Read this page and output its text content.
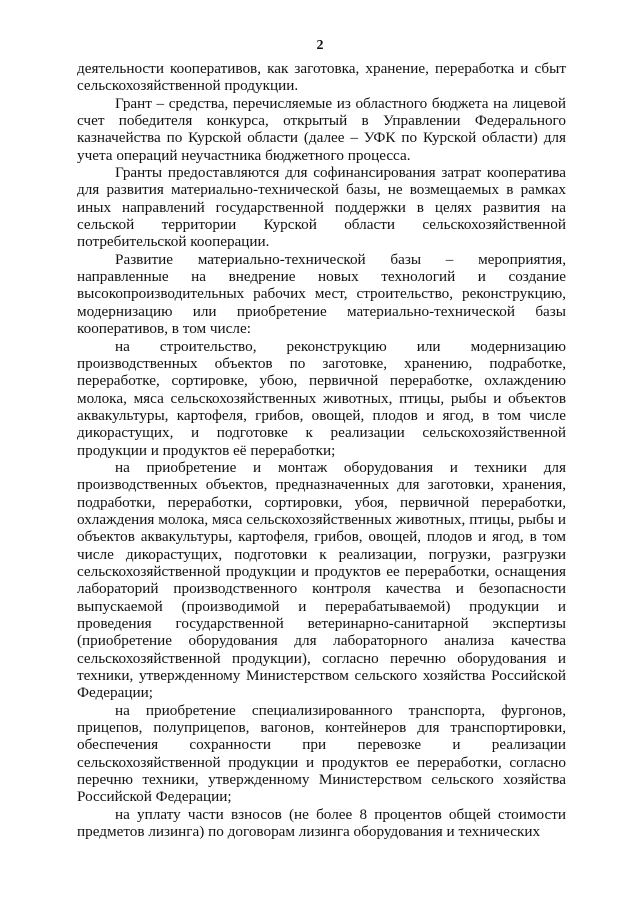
2

деятельности кооперативов, как заготовка, хранение, переработка и сбыт сельскохозяйственной продукции.

Грант – средства, перечисляемые из областного бюджета на лицевой счет победителя конкурса, открытый в Управлении Федерального казначейства по Курской области (далее – УФК по Курской области) для учета операций неучастника бюджетного процесса.

Гранты предоставляются для софинансирования затрат кооператива для развития материально-технической базы, не возмещаемых в рамках иных направлений государственной поддержки в целях развития на сельской территории Курской области сельскохозяйственной потребительской кооперации.

Развитие материально-технической базы – мероприятия, направленные на внедрение новых технологий и создание высокопроизводительных рабочих мест, строительство, реконструкцию, модернизацию или приобретение материально-технической базы кооперативов, в том числе:

на строительство, реконструкцию или модернизацию производственных объектов по заготовке, хранению, подработке, переработке, сортировке, убою, первичной переработке, охлаждению молока, мяса сельскохозяйственных животных, птицы, рыбы и объектов аквакультуры, картофеля, грибов, овощей, плодов и ягод, в том числе дикорастущих, и подготовке к реализации сельскохозяйственной продукции и продуктов её переработки;

на приобретение и монтаж оборудования и техники для производственных объектов, предназначенных для заготовки, хранения, подработки, переработки, сортировки, убоя, первичной переработки, охлаждения молока, мяса сельскохозяйственных животных, птицы, рыбы и объектов аквакультуры, картофеля, грибов, овощей, плодов и ягод, в том числе дикорастущих, подготовки к реализации, погрузки, разгрузки сельскохозяйственной продукции и продуктов ее переработки, оснащения лабораторий производственного контроля качества и безопасности выпускаемой (производимой и перерабатываемой) продукции и проведения государственной ветеринарно-санитарной экспертизы (приобретение оборудования для лабораторного анализа качества сельскохозяйственной продукции), согласно перечню оборудования и техники, утвержденному Министерством сельского хозяйства Российской Федерации;

на приобретение специализированного транспорта, фургонов, прицепов, полуприцепов, вагонов, контейнеров для транспортировки, обеспечения сохранности при перевозке и реализации сельскохозяйственной продукции и продуктов ее переработки, согласно перечню техники, утвержденному Министерством сельского хозяйства Российской Федерации;

на уплату части взносов (не более 8 процентов общей стоимости предметов лизинга) по договорам лизинга оборудования и технических
